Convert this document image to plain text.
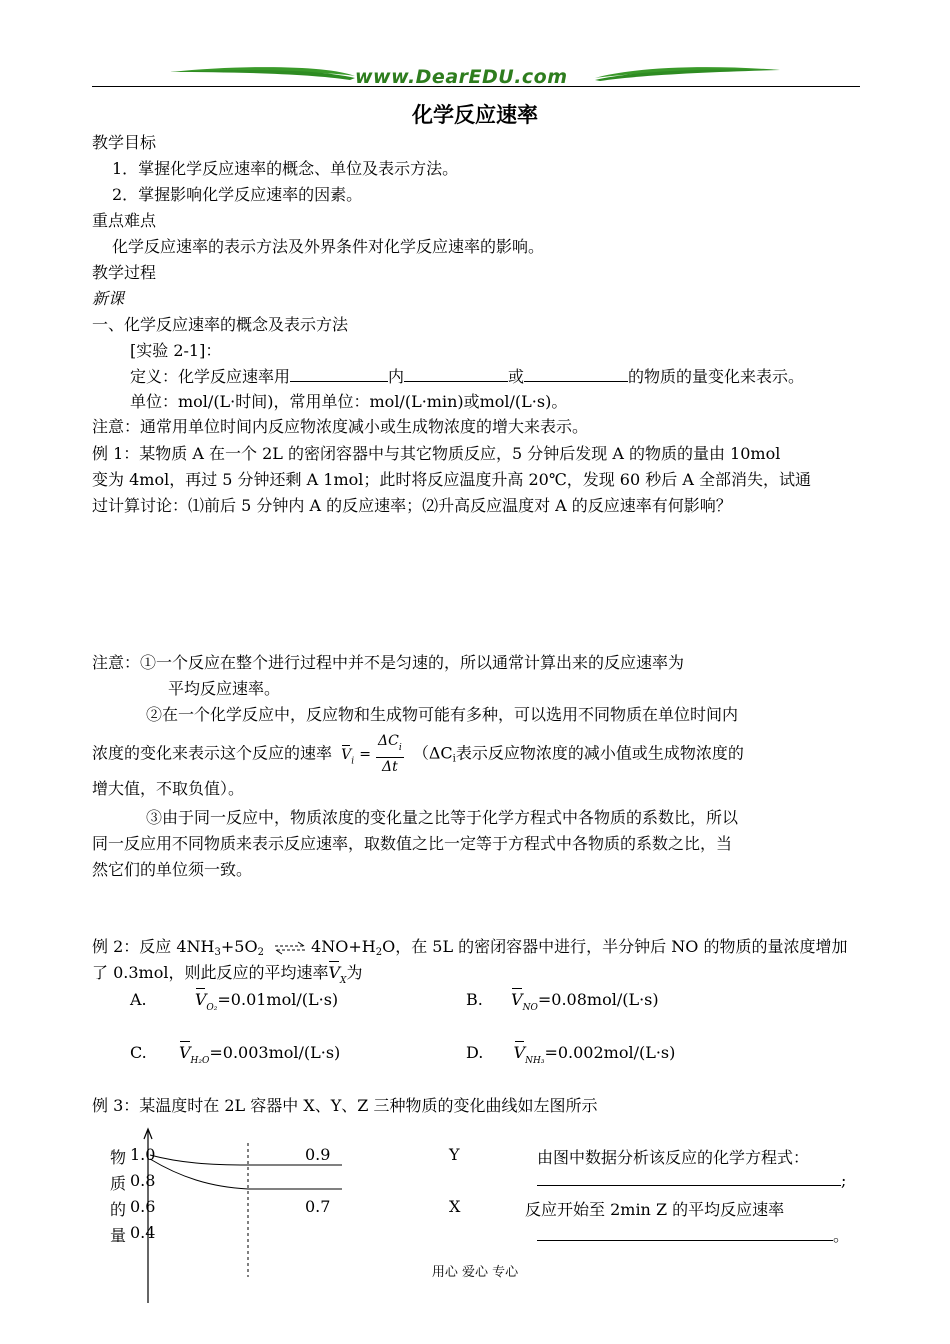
www.DearEDU.com
化学反应速率
教学目标
1．掌握化学反应速率的概念、单位及表示方法。
2．掌握影响化学反应速率的因素。
重点难点
化学反应速率的表示方法及外界条件对化学反应速率的影响。
教学过程
新课
一、化学反应速率的概念及表示方法
[实验 2-1]：
定义：化学反应速率用	内	或	的物质的量变化来表示。
单位：mol/(L·时间)，常用单位：mol/(L·min)或mol/(L·s)。
注意：通常用单位时间内反应物浓度减小或生成物浓度的增大来表示。
例 1：某物质 A 在一个 2L 的密闭容器中与其它物质反应，5 分钟后发现 A 的物质的量由 10mol
变为 4mol，再过 5 分钟还剩 A 1mol；此时将反应温度升高 20℃，发现 60 秒后 A 全部消失，试通
过计算讨论：⑴前后 5 分钟内 A 的反应速率；⑵升高反应温度对 A 的反应速率有何影响？
注意：①一个反应在整个进行过程中并不是匀速的，所以通常计算出来的反应速率为
平均反应速率。
②在一个化学反应中，反应物和生成物可能有多种，可以选用不同物质在单位时间内
浓度的变化来表示这个反应的速率 $V_i = \frac{\Delta C_i}{\Delta t} (\Delta Ci$表示反应物浓度的减小值或生成物浓度的
增大值，不取负值）。
③由于同一反应中，物质浓度的变化量之比等于化学方程式中各物质的系数比，所以
同一反应用不同物质来表示反应速率，取数值之比一定等于方程式中各物质的系数之比，当
然它们的单位须一致。
例 2：反应 4NH3+5O2 ⇌ 4NO+H2O，在 5L 的密闭容器中进行，半分钟后 NO 的物质的量浓度增加
了 0.3mol，则此反应的平均速率$V_X$为
A.	$V_{O_2}=0.01mol/(L\cdot s)$	B. $V_{NO}=0.08mol/(L\cdot s)$
C. $V_{H_2O}=0.003mol/(L\cdot s)$	D. $V_{NH_3}=0.002mol/(L\cdot s)$
例 3：某温度时在 2L 容器中 X、Y、Z 三种物质的变化曲线如左图所示
物
质
的
量
1.0
0.8
0.6
0.4
0.9
0.7
Y
X
由图中数据分析该反应的化学方程式：
;
反应开始至 2min Z 的平均反应速率
。
用心 爱心 专心
